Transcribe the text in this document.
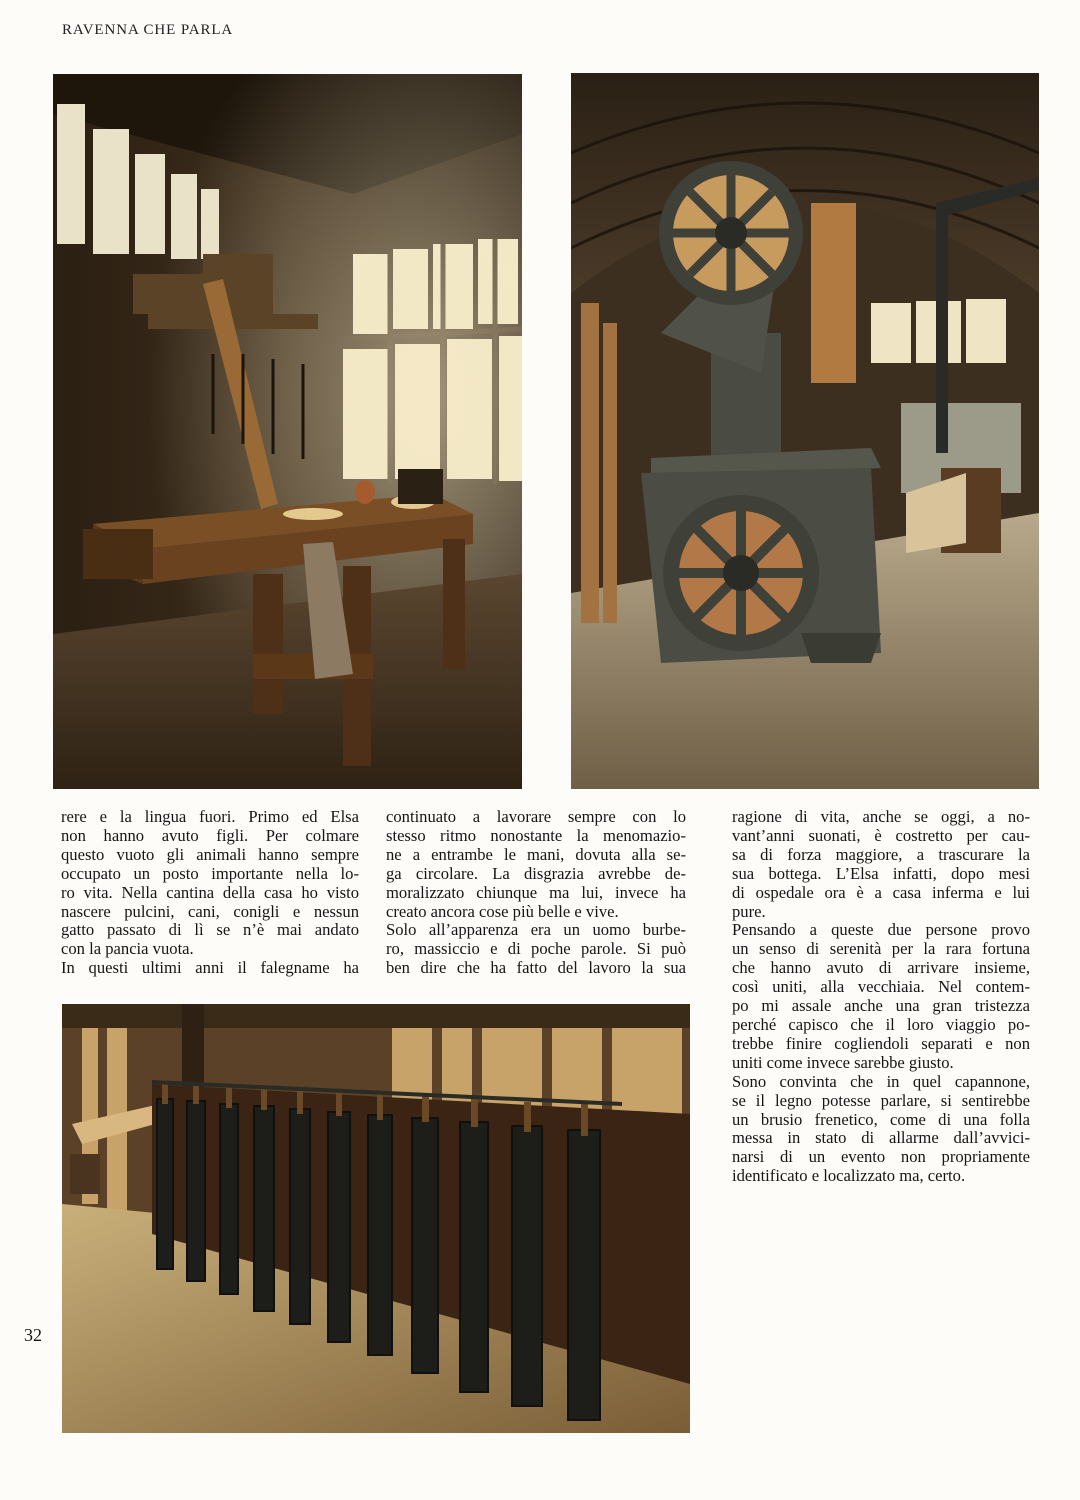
RAVENNA CHE PARLA
rere e la lingua fuori. Primo ed Elsa
non hanno avuto figli. Per colmare
questo vuoto gli animali hanno sempre
occupato un posto importante nella lo-
ro vita. Nella cantina della casa ho visto
nascere pulcini, cani, conigli e nessun
gatto passato di lì se n’è mai andato
con la pancia vuota.
In questi ultimi anni il falegname ha
continuato a lavorare sempre con lo
stesso ritmo nonostante la menomazio-
ne a entrambe le mani, dovuta alla se-
ga circolare. La disgrazia avrebbe de-
moralizzato chiunque ma lui, invece ha
creato ancora cose più belle e vive.
Solo all’apparenza era un uomo burbe-
ro, massiccio e di poche parole. Si può
ben dire che ha fatto del lavoro la sua
ragione di vita, anche se oggi, a no-
vant’anni suonati, è costretto per cau-
sa di forza maggiore, a trascurare la
sua bottega. L’Elsa infatti, dopo mesi
di ospedale ora è a casa inferma e lui
pure.
Pensando a queste due persone provo
un senso di serenità per la rara fortuna
che hanno avuto di arrivare insieme,
così uniti, alla vecchiaia. Nel contem-
po mi assale anche una gran tristezza
perché capisco che il loro viaggio po-
trebbe finire cogliendoli separati e non
uniti come invece sarebbe giusto.
Sono convinta che in quel capannone,
se il legno potesse parlare, si sentirebbe
un brusio frenetico, come di una folla
messa in stato di allarme dall’avvici-
narsi di un evento non propriamente
identificato e localizzato ma, certo.
32
